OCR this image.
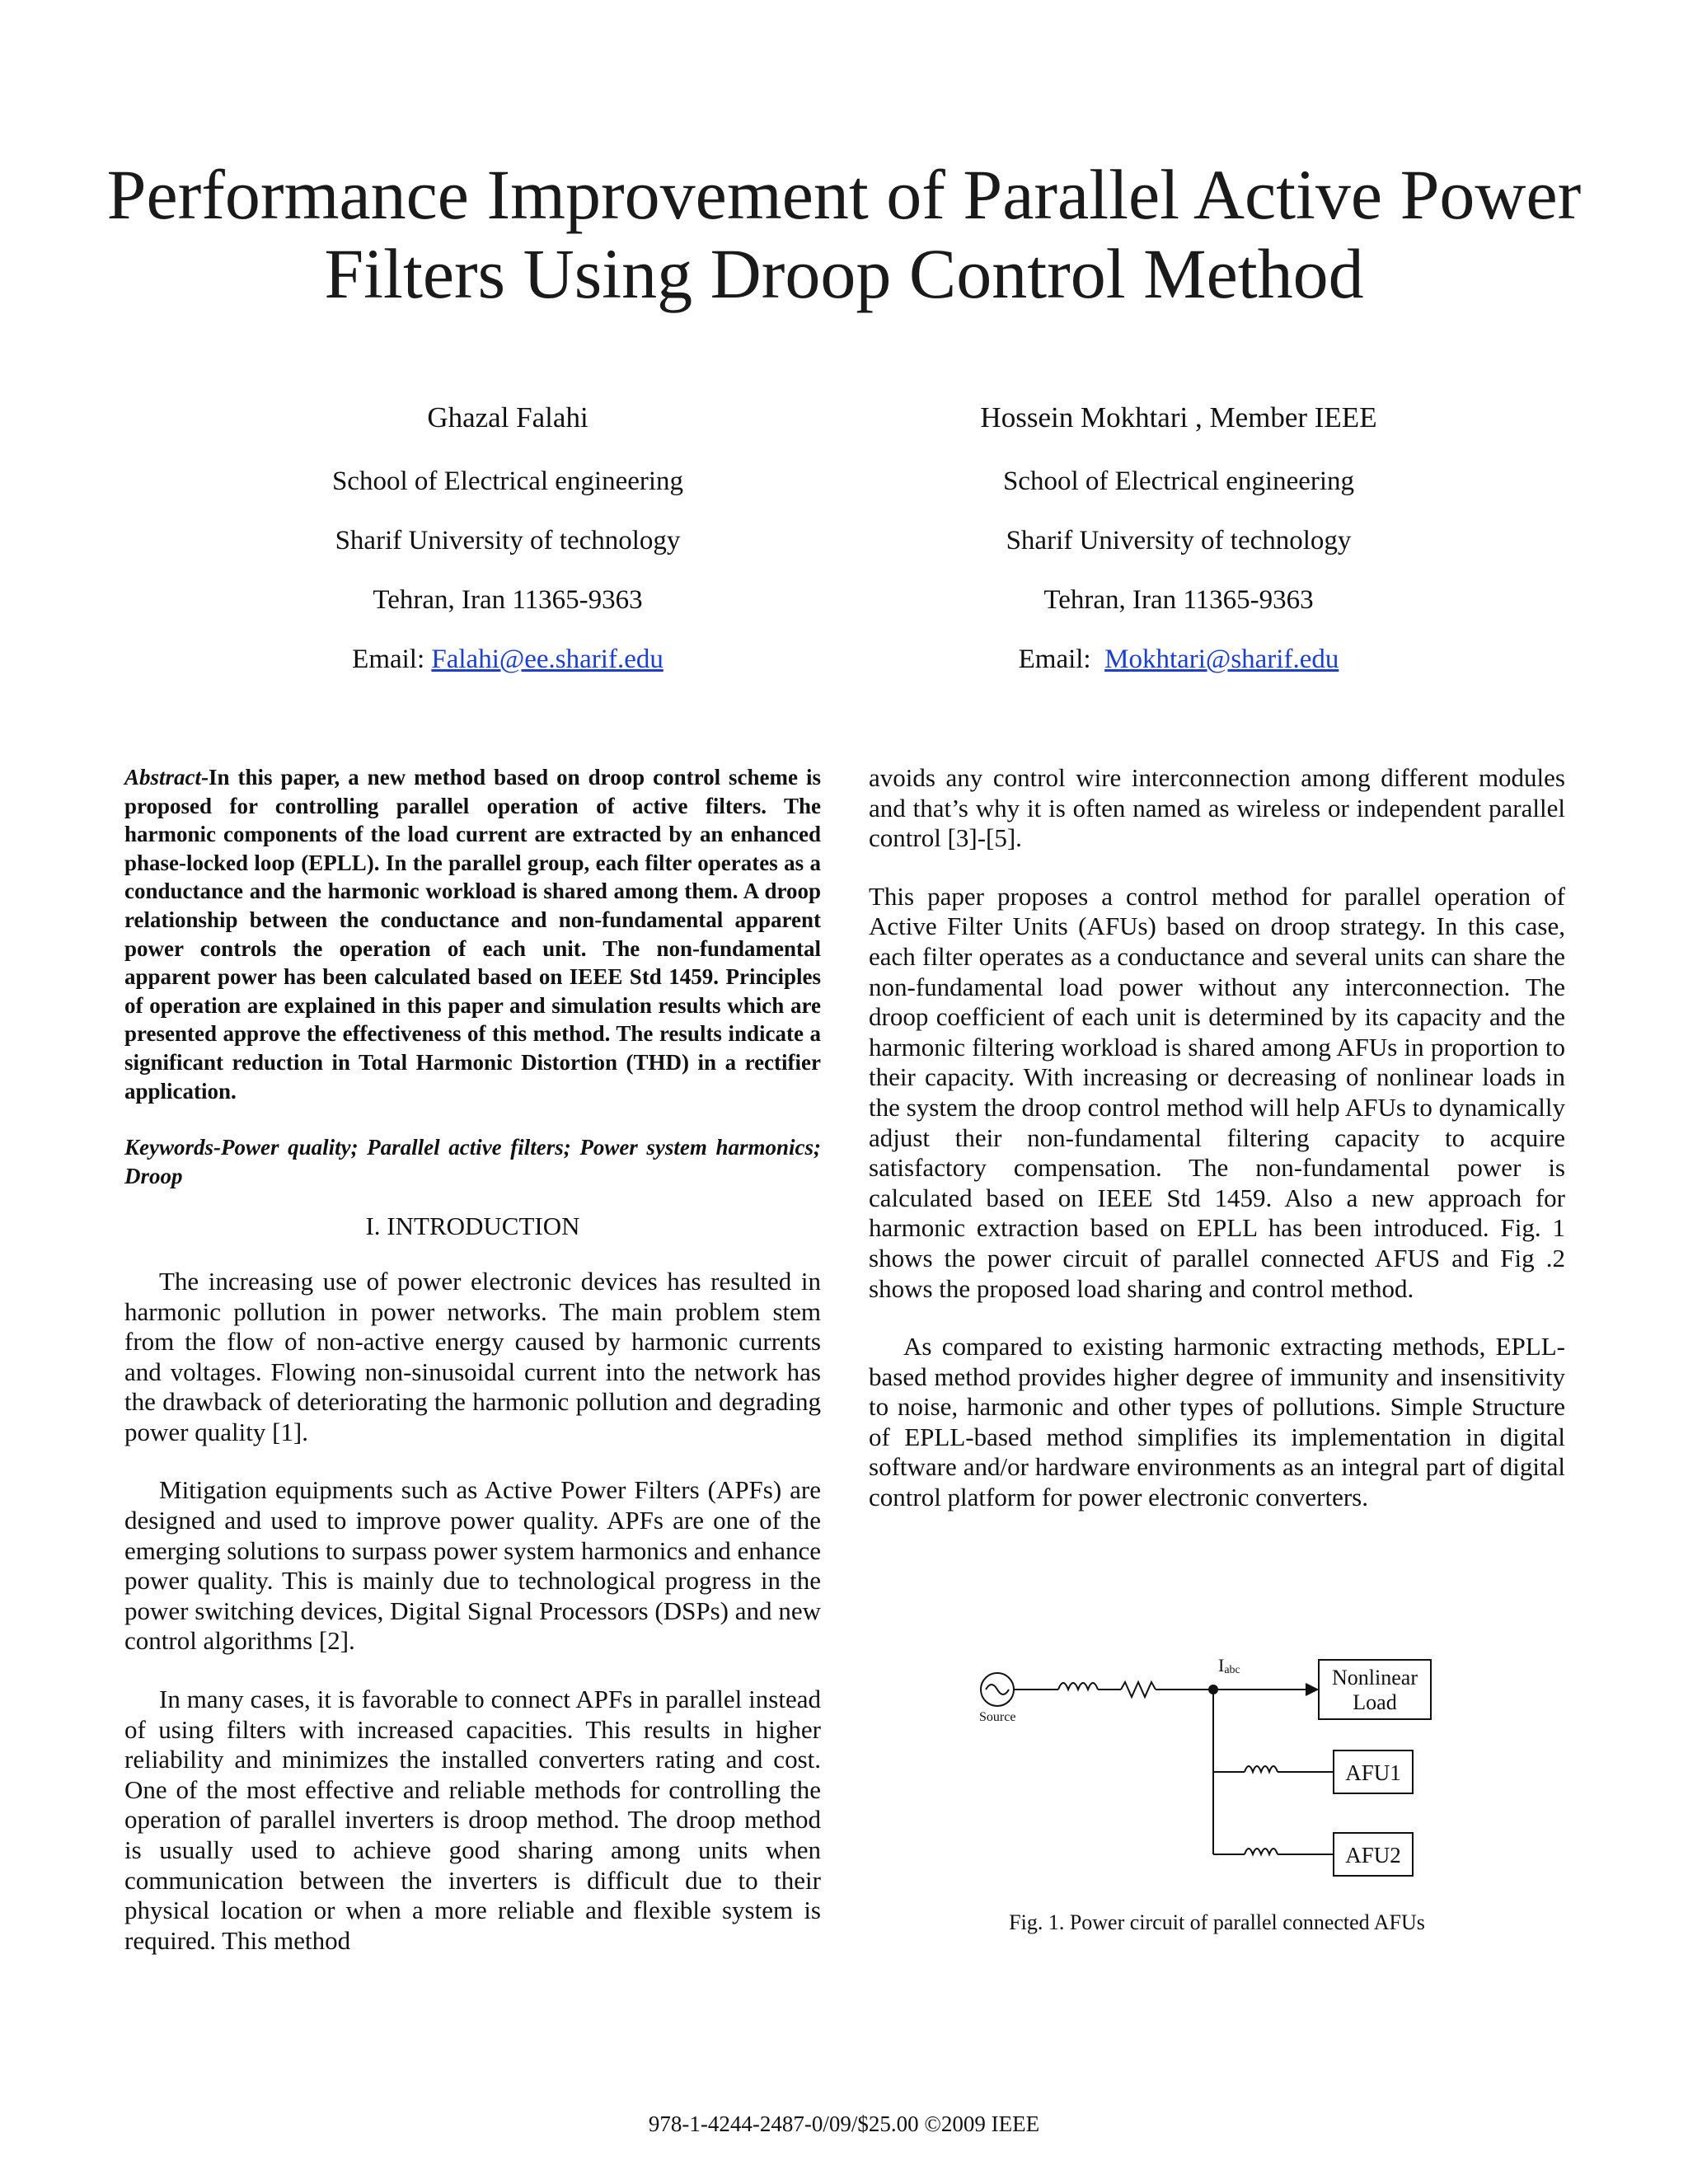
Performance Improvement of Parallel Active Power
Filters Using Droop Control Method
Ghazal Falahi
School of Electrical engineering
Sharif University of technology
Tehran, Iran 11365-9363
Email: Falahi@ee.sharif.edu
Hossein Mokhtari , Member IEEE
School of Electrical engineering
Sharif University of technology
Tehran, Iran 11365-9363
Email:  Mokhtari@sharif.edu

Abstract-In this paper, a new method based on droop control scheme is proposed for controlling parallel operation of active filters. The harmonic components of the load current are extracted by an enhanced phase-locked loop (EPLL). In the parallel group, each filter operates as a conductance and the harmonic workload is shared among them. A droop relationship between the conductance and non-fundamental apparent power controls the operation of each unit. The non-fundamental apparent power has been calculated based on IEEE Std 1459. Principles of operation are explained in this paper and simulation results which are presented approve the effectiveness of this method. The results indicate a significant reduction in Total Harmonic Distortion (THD) in a rectifier application.

Keywords-Power quality; Parallel active filters; Power system harmonics; Droop

I. INTRODUCTION

The increasing use of power electronic devices has resulted in harmonic pollution in power networks. The main problem stem from the flow of non-active energy caused by harmonic currents and voltages. Flowing non-sinusoidal current into the network has the drawback of deteriorating the harmonic pollution and degrading power quality [1].

Mitigation equipments such as Active Power Filters (APFs) are designed and used to improve power quality. APFs are one of the emerging solutions to surpass power system harmonics and enhance power quality. This is mainly due to technological progress in the power switching devices, Digital Signal Processors (DSPs) and new control algorithms [2].

In many cases, it is favorable to connect APFs in parallel instead of using filters with increased capacities. This results in higher reliability and minimizes the installed converters rating and cost. One of the most effective and reliable methods for controlling the operation of parallel inverters is droop method. The droop method is usually used to achieve good sharing among units when communication between the inverters is difficult due to their physical location or when a more reliable and flexible system is required. This method

avoids any control wire interconnection among different modules and that’s why it is often named as wireless or independent parallel control [3]-[5].

This paper proposes a control method for parallel operation of Active Filter Units (AFUs) based on droop strategy. In this case, each filter operates as a conductance and several units can share the non-fundamental load power without any interconnection. The droop coefficient of each unit is determined by its capacity and the harmonic filtering workload is shared among AFUs in proportion to their capacity. With increasing or decreasing of nonlinear loads in the system the droop control method will help AFUs to dynamically adjust their non-fundamental filtering capacity to acquire satisfactory compensation. The non-fundamental power is calculated based on IEEE Std 1459. Also a new approach for harmonic extraction based on EPLL has been introduced. Fig. 1 shows the power circuit of parallel connected AFUS and Fig .2 shows the proposed load sharing and control method.

As compared to existing harmonic extracting methods, EPLL-based method provides higher degree of immunity and insensitivity to noise, harmonic and other types of pollutions. Simple Structure of EPLL-based method simplifies its implementation in digital software and/or hardware environments as an integral part of digital control platform for power electronic converters.

Source
Iabc	Nonlinear
Load
AFU1
AFU2
Fig. 1. Power circuit of parallel connected AFUs
978-1-4244-2487-0/09/$25.00 ©2009 IEEE
